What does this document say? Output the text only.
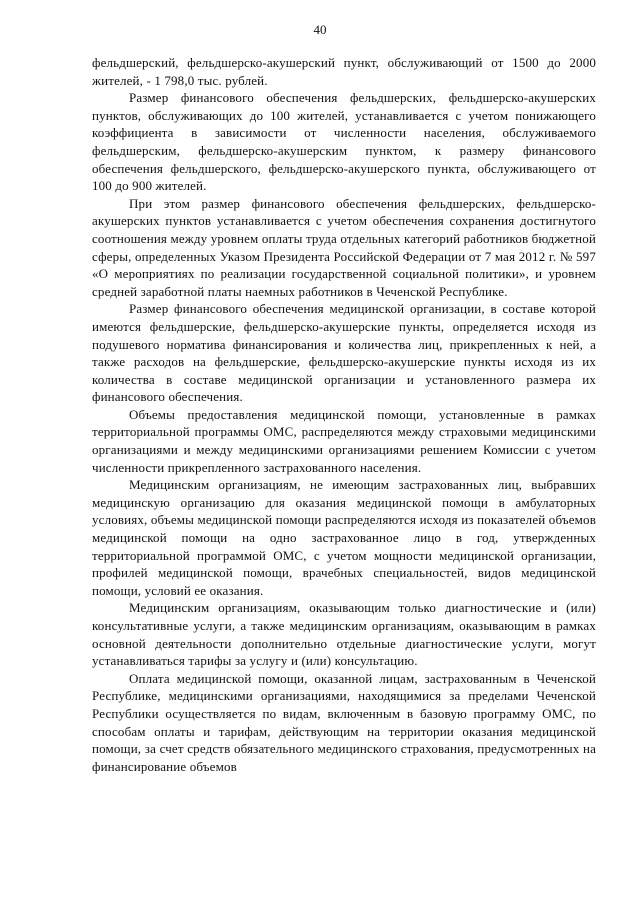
40

фельдшерский, фельдшерско-акушерский пункт, обслуживающий от 1500 до 2000 жителей, - 1 798,0 тыс. рублей.

Размер финансового обеспечения фельдшерских, фельдшерско-акушерских пунктов, обслуживающих до 100 жителей, устанавливается с учетом понижающего коэффициента в зависимости от численности населения, обслуживаемого фельдшерским, фельдшерско-акушерским пунктом, к размеру финансового обеспечения фельдшерского, фельдшерско-акушерского пункта, обслуживающего от 100 до 900 жителей.

При этом размер финансового обеспечения фельдшерских, фельдшерско-акушерских пунктов устанавливается с учетом обеспечения сохранения достигнутого соотношения между уровнем оплаты труда отдельных категорий работников бюджетной сферы, определенных Указом Президента Российской Федерации от 7 мая 2012 г. № 597 «О мероприятиях по реализации государственной социальной политики», и уровнем средней заработной платы наемных работников в Чеченской Республике.

Размер финансового обеспечения медицинской организации, в составе которой имеются фельдшерские, фельдшерско-акушерские пункты, определяется исходя из подушевого норматива финансирования и количества лиц, прикрепленных к ней, а также расходов на фельдшерские, фельдшерско-акушерские пункты исходя из их количества в составе медицинской организации и установленного размера их финансового обеспечения.

Объемы предоставления медицинской помощи, установленные в рамках территориальной программы ОМС, распределяются между страховыми медицинскими организациями и между медицинскими организациями решением Комиссии с учетом численности прикрепленного застрахованного населения.

Медицинским организациям, не имеющим застрахованных лиц, выбравших медицинскую организацию для оказания медицинской помощи в амбулаторных условиях, объемы медицинской помощи распределяются исходя из показателей объемов медицинской помощи на одно застрахованное лицо в год, утвержденных территориальной программой ОМС, с учетом мощности медицинской организации, профилей медицинской помощи, врачебных специальностей, видов медицинской помощи, условий ее оказания.

Медицинским организациям, оказывающим только диагностические и (или) консультативные услуги, а также медицинским организациям, оказывающим в рамках основной деятельности дополнительно отдельные диагностические услуги, могут устанавливаться тарифы за услугу и (или) консультацию.

Оплата медицинской помощи, оказанной лицам, застрахованным в Чеченской Республике, медицинскими организациями, находящимися за пределами Чеченской Республики осуществляется по видам, включенным в базовую программу ОМС, по способам оплаты и тарифам, действующим на территории оказания медицинской помощи, за счет средств обязательного медицинского страхования, предусмотренных на финансирование объемов
